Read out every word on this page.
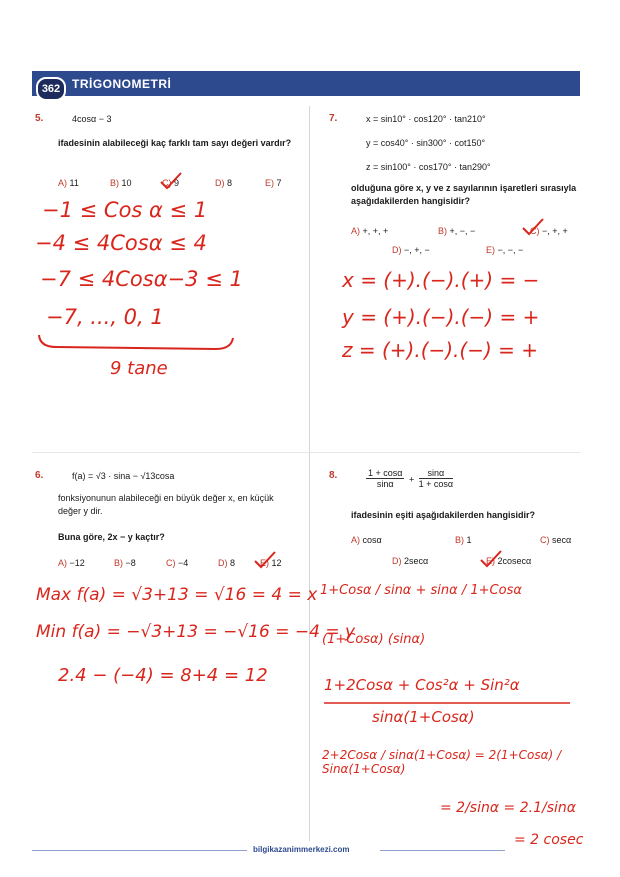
362 TRİGONOMETRİ
5.	4cosα − 3
ifadesinin alabileceği kaç farklı tam sayı değeri vardır?
A) 11	B) 10	C) 9	D) 8	E) 7
−1 ≤ Cos α ≤ 1
−4 ≤ 4Cosα ≤ 4
−7 ≤ 4Cosα−3 ≤ 1
−7, ..., 0, 1
9 tane
7.	x = sin10° · cos120° · tan210°
y = cos40° · sin300° · cot150°
z = sin100° · cos170° · tan290°
olduğuna göre x, y ve z sayılarının işaretleri sırasıyla aşağıdakilerden hangisidir?
A) +, +, +	B) +, −, −	C) −, +, +
D) −, +, −	E) −, −, −
x = (+).(−).(+) = −
y = (+).(−).(−) = +
z = (+).(−).(−) = +
6.	f(a) = √3 · sina − √13cosa
fonksiyonunun alabileceği en büyük değer x, en küçük değer y dir.
Buna göre, 2x − y kaçtır?
A) −12	B) −8	C) −4	D) 8	E) 12
Max f(a) = √3+13 = √16 = 4 = x
Min f(a) = −√3+13 = −√16 = −4 = y
2.4 − (−4) = 8+4 = 12
8.	$\frac{1 + \cos\alpha}{\sin\alpha} + \frac{\sin\alpha}{1 + \cos\alpha}$
ifadesinin eşiti aşağıdakilerden hangisidir?
A) cosα	B) 1	C) secα
D) 2secα	E) 2cosecα
1+Cosα / sinα + sinα / 1+Cosα
(1+Cosα) (sinα)
1+2Cosα + Cos²α + Sin²α
sinα(1+Cosα)
2+2Cosα / sinα(1+Cosα) = 2(1+Cosα) / Sinα(1+Cosα)
= 2/sinα = 2.1/sinα
= 2 cosec
bilgikazanimmerkezi.com
